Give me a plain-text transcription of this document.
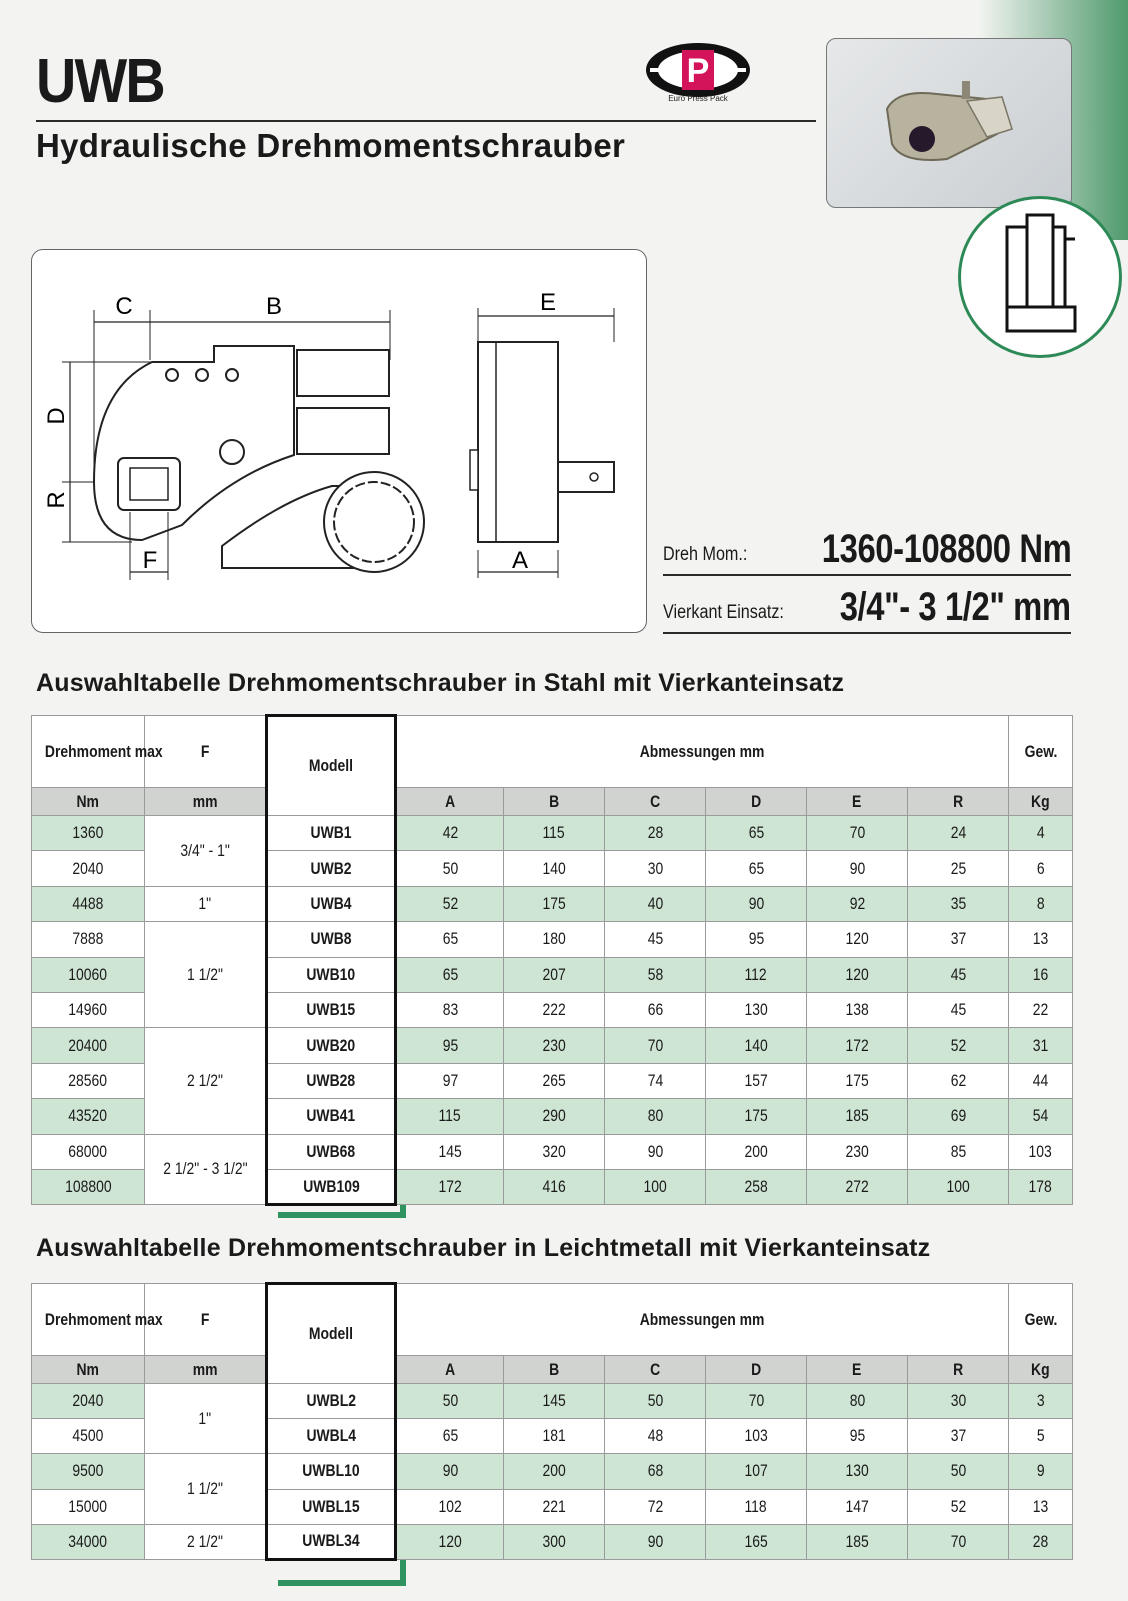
UWB
Hydraulische Drehmomentschrauber
P
Euro Press Pack
C	B
D
R
F
E
A	Dreh Mom.: 1360-108800 Nm
Vierkant Einsatz: 3/4"- 3 1/2" mm
Auswahltabelle Drehmomentschrauber in Stahl mit Vierkanteinsatz
Drehmoment max	F	Modell	Abmessungen mm						Gew.
Nm	mm		A	B	C	D	E	R	Kg
1360	3/4" - 1"	UWB1	42	115	28	65	70	24	4
2040		UWB2	50	140	30	65	90	25	6
4488	1"	UWB4	52	175	40	90	92	35	8
7888	1 1/2"	UWB8	65	180	45	95	120	37	13
10060		UWB10	65	207	58	112	120	45	16
14960		UWB15	83	222	66	130	138	45	22
20400	2 1/2"	UWB20	95	230	70	140	172	52	31
28560		UWB28	97	265	74	157	175	62	44
43520		UWB41	115	290	80	175	185	69	54
68000	2 1/2" - 3 1/2"	UWB68	145	320	90	200	230	85	103
108800		UWB109	172	416	100	258	272	100	178
Auswahltabelle Drehmomentschrauber in Leichtmetall mit Vierkanteinsatz
Drehmoment max	F	Modell	Abmessungen mm						Gew.
Nm	mm		A	B	C	D	E	R	Kg
2040	1"	UWBL2	50	145	50	70	80	30	3
4500		UWBL4	65	181	48	103	95	37	5
9500	1 1/2"	UWBL10	90	200	68	107	130	50	9
15000		UWBL15	102	221	72	118	147	52	13
34000	2 1/2"	UWBL34	120	300	90	165	185	70	28
